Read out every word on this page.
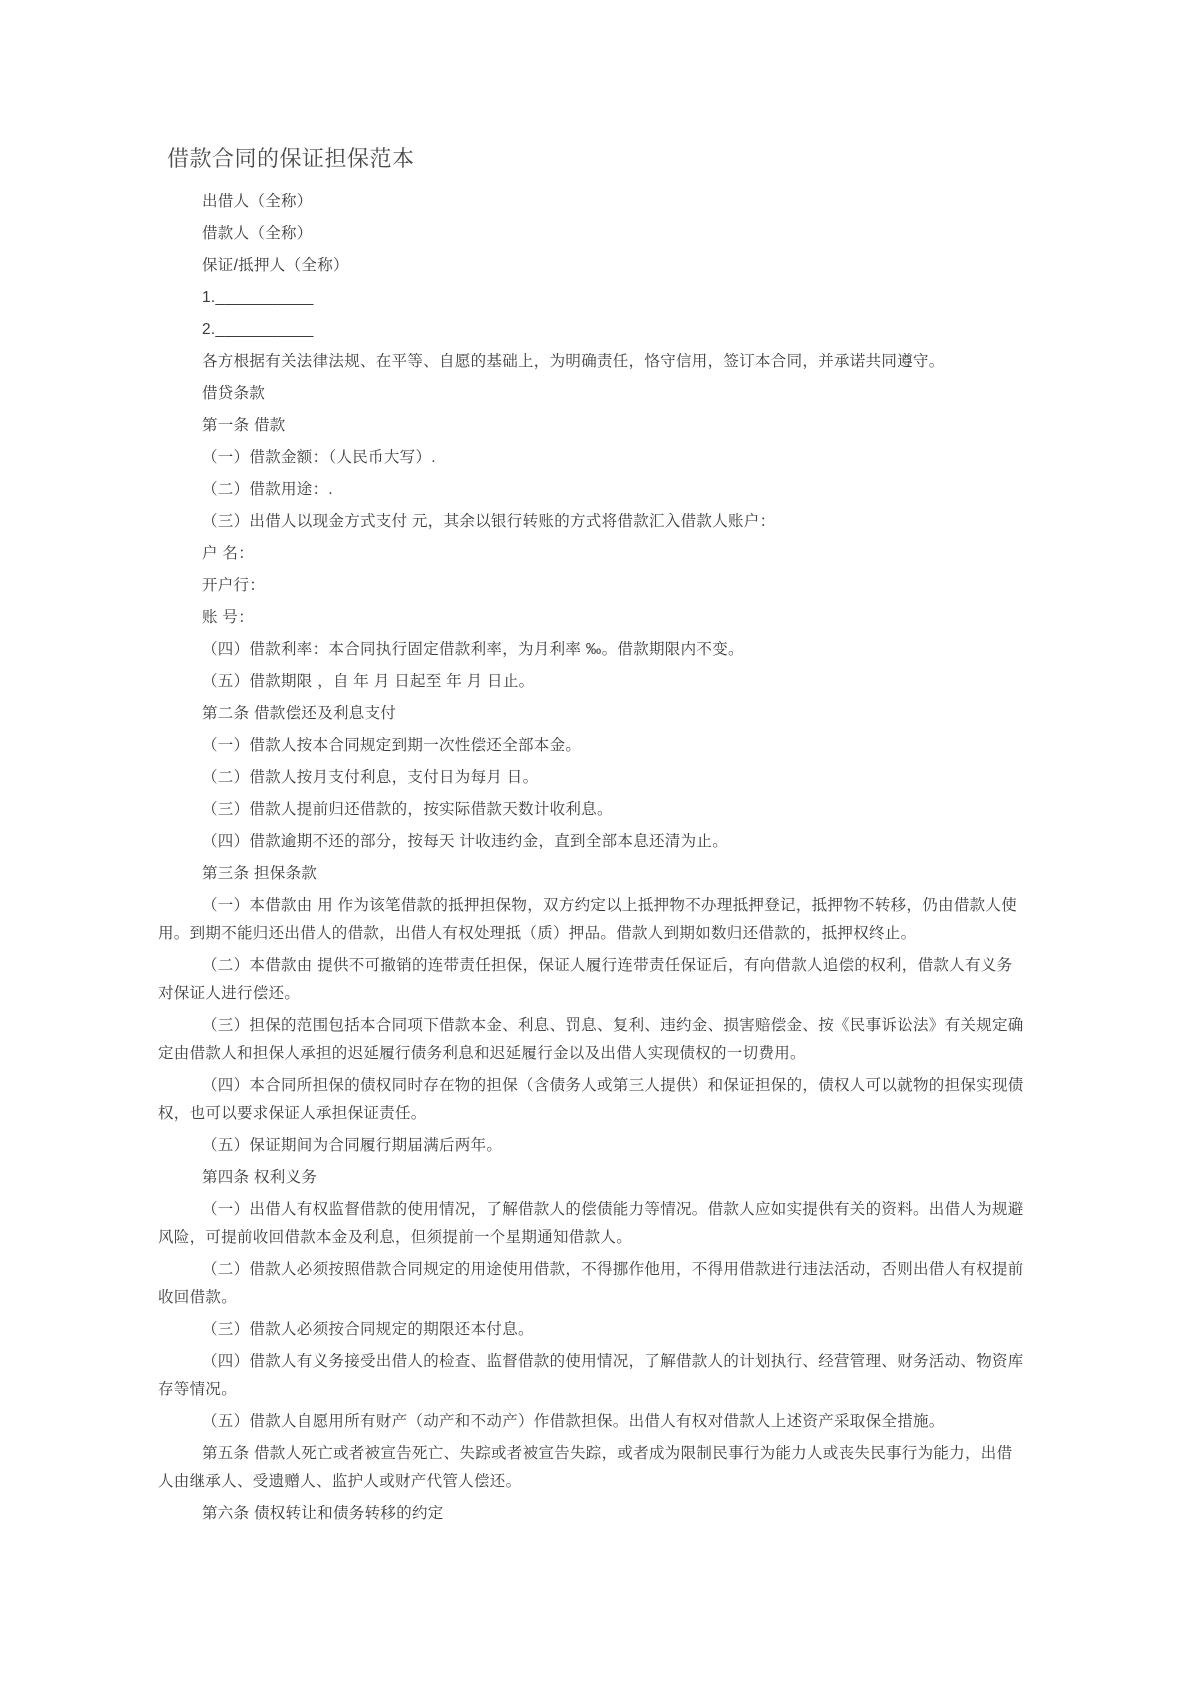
借款合同的保证担保范本

出借人（全称）

借款人（全称）

保证/抵押人（全称）

1.___________

2.___________

各方根据有关法律法规、在平等、自愿的基础上，为明确责任，恪守信用，签订本合同，并承诺共同遵守。

借贷条款

第一条 借款

（一）借款金额：（人民币大写）.

（二）借款用途：.

（三）出借人以现金方式支付 元，其余以银行转账的方式将借款汇入借款人账户：

户 名：

开户行：

账 号：

（四）借款利率：本合同执行固定借款利率，为月利率 ‰。借款期限内不变。

（五）借款期限 ，自 年 月 日起至 年 月 日止。

第二条 借款偿还及利息支付

（一）借款人按本合同规定到期一次性偿还全部本金。

（二）借款人按月支付利息，支付日为每月 日。

（三）借款人提前归还借款的，按实际借款天数计收利息。

（四）借款逾期不还的部分，按每天 计收违约金，直到全部本息还清为止。

第三条 担保条款

（一）本借款由 用 作为该笔借款的抵押担保物，双方约定以上抵押物不办理抵押登记，抵押物不转移，仍由借款人使用。到期不能归还出借人的借款，出借人有权处理抵（质）押品。借款人到期如数归还借款的，抵押权终止。

（二）本借款由 提供不可撤销的连带责任担保，保证人履行连带责任保证后，有向借款人追偿的权利，借款人有义务对保证人进行偿还。

（三）担保的范围包括本合同项下借款本金、利息、罚息、复利、违约金、损害赔偿金、按《民事诉讼法》有关规定确定由借款人和担保人承担的迟延履行债务利息和迟延履行金以及出借人实现债权的一切费用。

（四）本合同所担保的债权同时存在物的担保（含债务人或第三人提供）和保证担保的，债权人可以就物的担保实现债权，也可以要求保证人承担保证责任。

（五）保证期间为合同履行期届满后两年。

第四条 权利义务

（一）出借人有权监督借款的使用情况，了解借款人的偿债能力等情况。借款人应如实提供有关的资料。出借人为规避风险，可提前收回借款本金及利息，但须提前一个星期通知借款人。

（二）借款人必须按照借款合同规定的用途使用借款，不得挪作他用，不得用借款进行违法活动，否则出借人有权提前收回借款。

（三）借款人必须按合同规定的期限还本付息。

（四）借款人有义务接受出借人的检查、监督借款的使用情况，了解借款人的计划执行、经营管理、财务活动、物资库存等情况。

（五）借款人自愿用所有财产（动产和不动产）作借款担保。出借人有权对借款人上述资产采取保全措施。

第五条 借款人死亡或者被宣告死亡、失踪或者被宣告失踪，或者成为限制民事行为能力人或丧失民事行为能力，出借人由继承人、受遗赠人、监护人或财产代管人偿还。

第六条 债权转让和债务转移的约定
